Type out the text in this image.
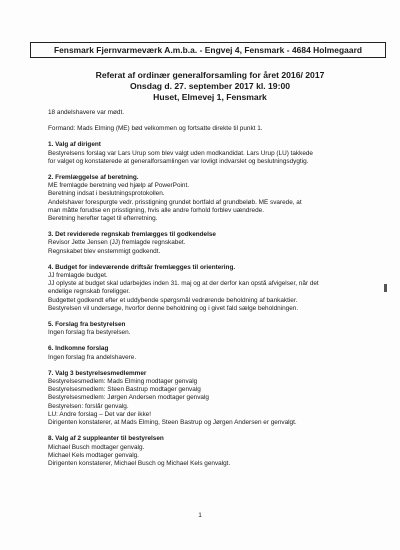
Fensmark Fjernvarmeværk A.m.b.a. - Engvej 4, Fensmark - 4684 Holmegaard
Referat af ordinær generalforsamling for året 2016/ 2017
Onsdag d. 27. september 2017 kl. 19:00
Huset, Elmevej 1, Fensmark
18 andelshavere var mødt.
Formand: Mads Elming (ME) bød velkommen og fortsatte direkte til punkt 1.
1. Valg af dirigent
Bestyrelsens forslag var Lars Urup som blev valgt uden modkandidat. Lars Urup (LU) takkede
for valget og konstaterede at generalforsamlingen var lovligt indvarslet og beslutningsdygtig.
2. Fremlæggelse af beretning.
ME fremlagde beretning ved hjælp af PowerPoint.
Beretning indsat i beslutningsprotokollen.
Andelshaver forespurgte vedr. prisstigning grundet bortfald af grundbeløb. ME svarede, at
man måtte forudse en prisstigning, hvis alle andre forhold forblev uændrede.
Beretning herefter taget til efterretning.
3. Det reviderede regnskab fremlægges til godkendelse
Revisor Jette Jensen (JJ) fremlagde regnskabet.
Regnskabet blev enstemmigt godkendt.
4. Budget for indeværende driftsår fremlægges til orientering.
JJ fremlagde budget.
JJ oplyste at budget skal udarbejdes inden 31. maj og at der derfor kan opstå afvigelser, når det
endelige regnskab foreligger.
Budgettet godkendt efter et uddybende spørgsmål vedrørende beholdning af bankaktier.
Bestyrelsen vil undersøge, hvorfor denne beholdning og i givet fald sælge beholdningen.
5. Forslag fra bestyrelsen
Ingen forslag fra bestyrelsen.
6. Indkomne forslag
Ingen forslag fra andelshavere.
7. Valg 3 bestyrelsesmedlemmer
Bestyrelsesmedlem: Mads Elming modtager genvalg
Bestyrelsesmedlem: Steen Bastrup modtager genvalg
Bestyrelsesmedlem: Jørgen Andersen modtager genvalg
Bestyrelsen: forslår genvalg.
LU: Andre forslag – Det var der ikke!
Dirigenten konstaterer, at Mads Elming, Steen Bastrup og Jørgen Andersen er genvalgt.
8. Valg af 2 suppleanter til bestyrelsen
Michael Busch modtager genvalg.
Michael Kels modtager genvalg.
Dirigenten konstaterer, Michael Busch og Michael Kels genvalgt.
1
